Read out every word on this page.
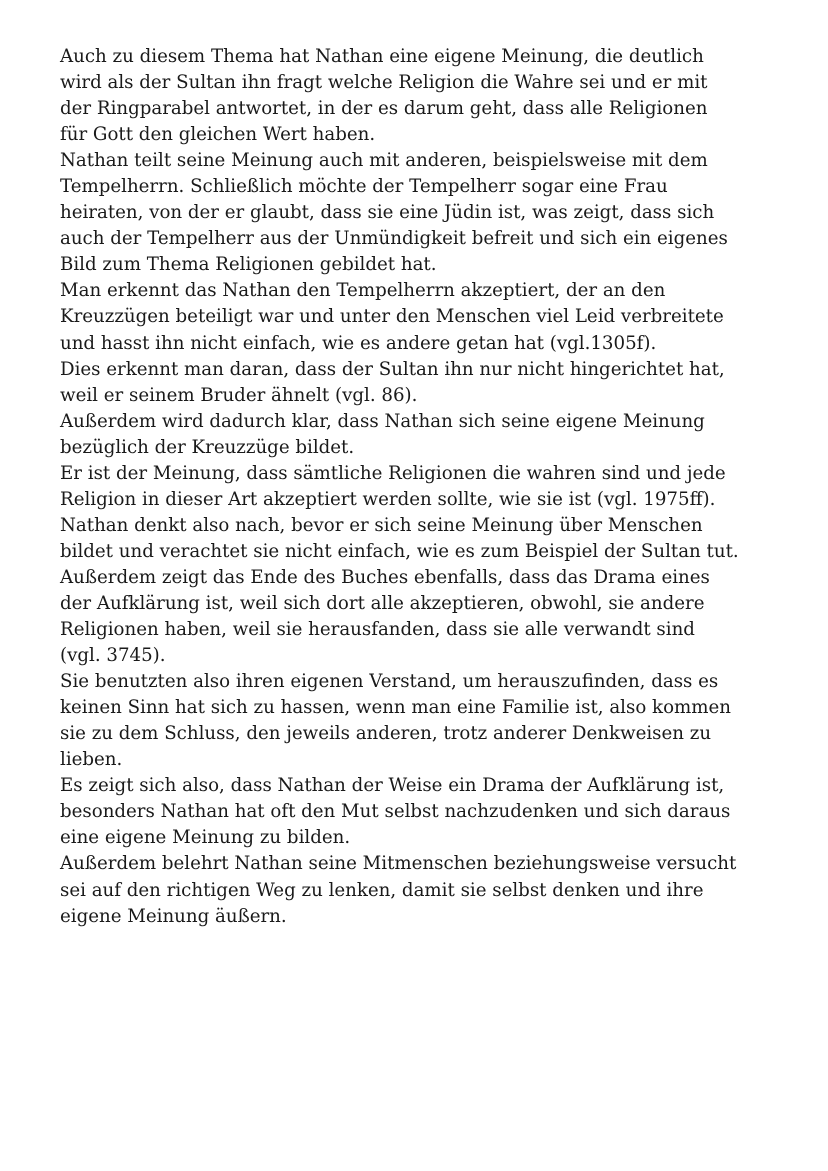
Auch zu diesem Thema hat Nathan eine eigene Meinung, die deutlich
wird als der Sultan ihn fragt welche Religion die Wahre sei und er mit
der Ringparabel antwortet, in der es darum geht, dass alle Religionen
für Gott den gleichen Wert haben.
Nathan teilt seine Meinung auch mit anderen, beispielsweise mit dem
Tempelherrn. Schließlich möchte der Tempelherr sogar eine Frau
heiraten, von der er glaubt, dass sie eine Jüdin ist, was zeigt, dass sich
auch der Tempelherr aus der Unmündigkeit befreit und sich ein eigenes
Bild zum Thema Religionen gebildet hat.
Man erkennt das Nathan den Tempelherrn akzeptiert, der an den
Kreuzzügen beteiligt war und unter den Menschen viel Leid verbreitete
und hasst ihn nicht einfach, wie es andere getan hat (vgl.1305f).
Dies erkennt man daran, dass der Sultan ihn nur nicht hingerichtet hat,
weil er seinem Bruder ähnelt (vgl. 86).
Außerdem wird dadurch klar, dass Nathan sich seine eigene Meinung
bezüglich der Kreuzzüge bildet.
Er ist der Meinung, dass sämtliche Religionen die wahren sind und jede
Religion in dieser Art akzeptiert werden sollte, wie sie ist (vgl. 1975ff).
Nathan denkt also nach, bevor er sich seine Meinung über Menschen
bildet und verachtet sie nicht einfach, wie es zum Beispiel der Sultan tut.
Außerdem zeigt das Ende des Buches ebenfalls, dass das Drama eines
der Aufklärung ist, weil sich dort alle akzeptieren, obwohl, sie andere
Religionen haben, weil sie herausfanden, dass sie alle verwandt sind
(vgl. 3745).
Sie benutzten also ihren eigenen Verstand, um herauszufinden, dass es
keinen Sinn hat sich zu hassen, wenn man eine Familie ist, also kommen
sie zu dem Schluss, den jeweils anderen, trotz anderer Denkweisen zu
lieben.
Es zeigt sich also, dass Nathan der Weise ein Drama der Aufklärung ist,
besonders Nathan hat oft den Mut selbst nachzudenken und sich daraus
eine eigene Meinung zu bilden.
Außerdem belehrt Nathan seine Mitmenschen beziehungsweise versucht
sei auf den richtigen Weg zu lenken, damit sie selbst denken und ihre
eigene Meinung äußern.
